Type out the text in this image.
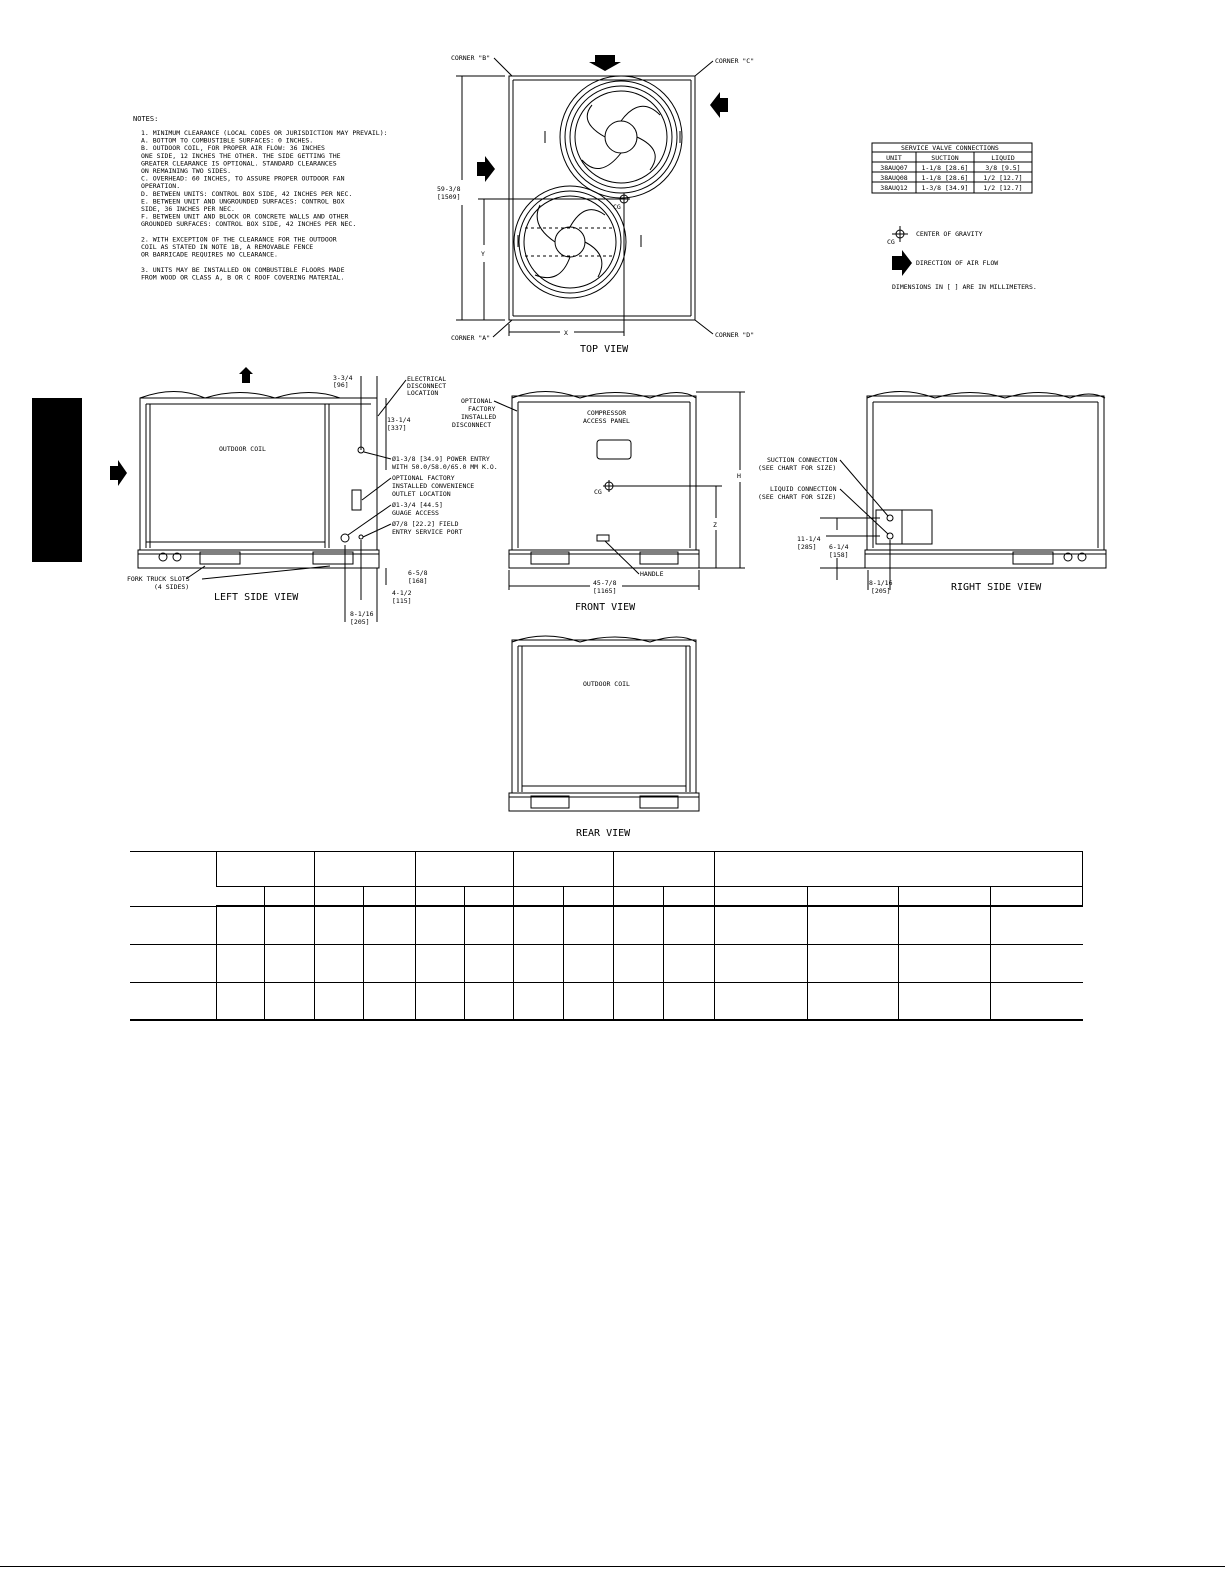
NOTES:
1. MINIMUM CLEARANCE (LOCAL CODES OR JURISDICTION MAY PREVAIL):
A. BOTTOM TO COMBUSTIBLE SURFACES: 0 INCHES.
B. OUTDOOR COIL, FOR PROPER AIR FLOW: 36 INCHES
ONE SIDE, 12 INCHES THE OTHER. THE SIDE GETTING THE
GREATER CLEARANCE IS OPTIONAL. STANDARD CLEARANCES
ON REMAINING TWO SIDES.
C. OVERHEAD: 60 INCHES, TO ASSURE PROPER OUTDOOR FAN
OPERATION.
D. BETWEEN UNITS: CONTROL BOX SIDE, 42 INCHES PER NEC.
E. BETWEEN UNIT AND UNGROUNDED SURFACES: CONTROL BOX
SIDE, 36 INCHES PER NEC.
F. BETWEEN UNIT AND BLOCK OR CONCRETE WALLS AND OTHER
GROUNDED SURFACES: CONTROL BOX SIDE, 42 INCHES PER NEC.
2. WITH EXCEPTION OF THE CLEARANCE FOR THE OUTDOOR
COIL AS STATED IN NOTE 1B, A REMOVABLE FENCE
OR BARRICADE REQUIRES NO CLEARANCE.
3. UNITS MAY BE INSTALLED ON COMBUSTIBLE FLOORS MADE
FROM WOOD OR CLASS A, B OR C ROOF COVERING MATERIAL.
CG
CORNER "B"	CORNER "C"
CORNER "A"	CORNER "D"
59-3/8
[1509]
Y
X
TOP VIEW
SERVICE VALVE CONNECTIONS
UNIT	SUCTION	LIQUID
38AUQ07 1-1/8 [28.6]	3/8 [9.5]
38AUQ08 1-1/8 [28.6] 1/2 [12.7]
38AUQ12 1-3/8 [34.9] 1/2 [12.7]
CG
CENTER OF GRAVITY
DIRECTION OF AIR FLOW
DIMENSIONS IN [ ] ARE IN MILLIMETERS.
OUTDOOR COIL
3-3/4
[96]
ELECTRICAL
DISCONNECT
LOCATION
13-1/4
[337]
Ø1-3/8 [34.9] POWER ENTRY
WITH 50.0/58.0/65.0 MM K.O.
OPTIONAL FACTORY
INSTALLED CONVENIENCE
OUTLET LOCATION
Ø1-3/4 [44.5]
GUAGE ACCESS
Ø7/8 [22.2] FIELD
ENTRY SERVICE PORT
FORK TRUCK SLOTS
(4 SIDES)
6-5/8
[168]
4-1/2
[115]
8-1/16
[205]
LEFT SIDE VIEW
CG
COMPRESSOR
ACCESS PANEL
OPTIONAL
FACTORY
INSTALLED
DISCONNECT
HANDLE
H
Z
45-7/8
[1165]
FRONT VIEW
SUCTION CONNECTION
(SEE CHART FOR SIZE)
LIQUID CONNECTION
(SEE CHART FOR SIZE)
11-1/4
[285] 6-1/4
[158]
8-1/16
[205]	RIGHT SIDE VIEW
OUTDOOR COIL
REAR VIEW
